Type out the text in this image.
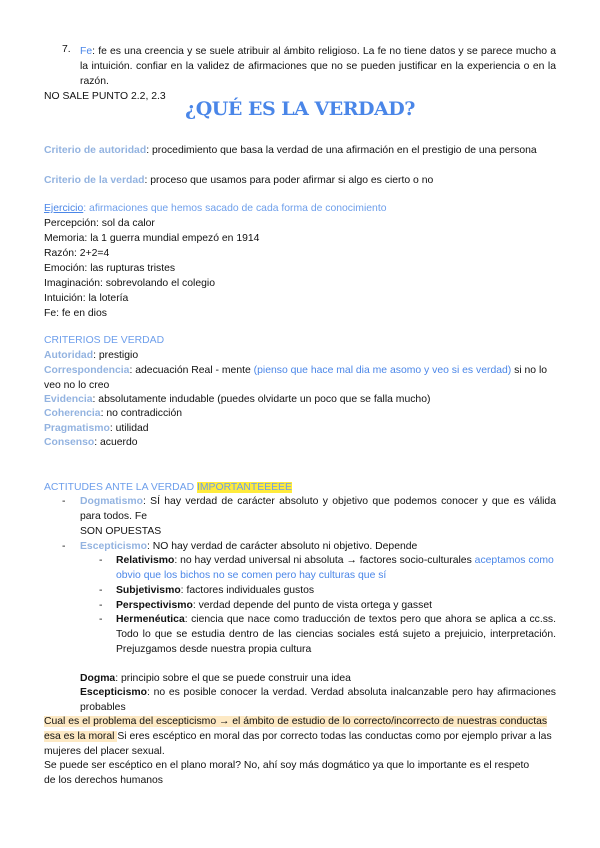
7. Fe: fe es una creencia y se suele atribuir al ámbito religioso. La fe no tiene datos y se parece mucho a la intuición. confiar en la validez de afirmaciones que no se pueden justificar en la experiencia o en la razón.
NO SALE PUNTO 2.2, 2.3
¿QUÉ ES LA VERDAD?
Criterio de autoridad: procedimiento que basa la verdad de una afirmación en el prestigio de una persona
Criterio de la verdad: proceso que usamos para poder afirmar si algo es cierto o no
Ejercicio: afirmaciones que hemos sacado de cada forma de conocimiento
Percepción: sol da calor
Memoria: la 1 guerra mundial empezó en 1914
Razón: 2+2=4
Emoción: las rupturas tristes
Imaginación: sobrevolando el colegio
Intuición: la lotería
Fe: fe en dios
CRITERIOS DE VERDAD
Autoridad: prestigio
Correspondencia: adecuación Real - mente (pienso que hace mal dia me asomo y veo si es verdad) si no lo veo no lo creo
Evidencia: absolutamente indudable (puedes olvidarte un poco que se falla mucho)
Coherencia: no contradicción
Pragmatismo: utilidad
Consenso: acuerdo
ACTITUDES ANTE LA VERDAD IMPORTANTEEEEE
- Dogmatismo: SÍ hay verdad de carácter absoluto y objetivo que podemos conocer y que es válida para todos. Fe
SON OPUESTAS
- Escepticismo: NO hay verdad de carácter absoluto ni objetivo. Depende
- Relativismo: no hay verdad universal ni absoluta → factores socio-culturales aceptamos como obvio que los bichos no se comen pero hay culturas que sí
- Subjetivismo: factores individuales gustos
- Perspectivismo: verdad depende del punto de vista ortega y gasset
- Hermenéutica: ciencia que nace como traducción de textos pero que ahora se aplica a cc.ss. Todo lo que se estudia dentro de las ciencias sociales está sujeto a prejuicio, interpretación. Prejuzgamos desde nuestra propia cultura
Dogma: principio sobre el que se puede construir una idea
Escepticismo: no es posible conocer la verdad. Verdad absoluta inalcanzable pero hay afirmaciones probables
Cual es el problema del escepticismo → el ámbito de estudio de lo correcto/incorrecto de nuestras conductas esa es la moral Si eres escéptico en moral das por correcto todas las conductas como por ejemplo privar a las mujeres del placer sexual.
Se puede ser escéptico en el plano moral? No, ahí soy más dogmático ya que lo importante es el respeto de los derechos humanos
